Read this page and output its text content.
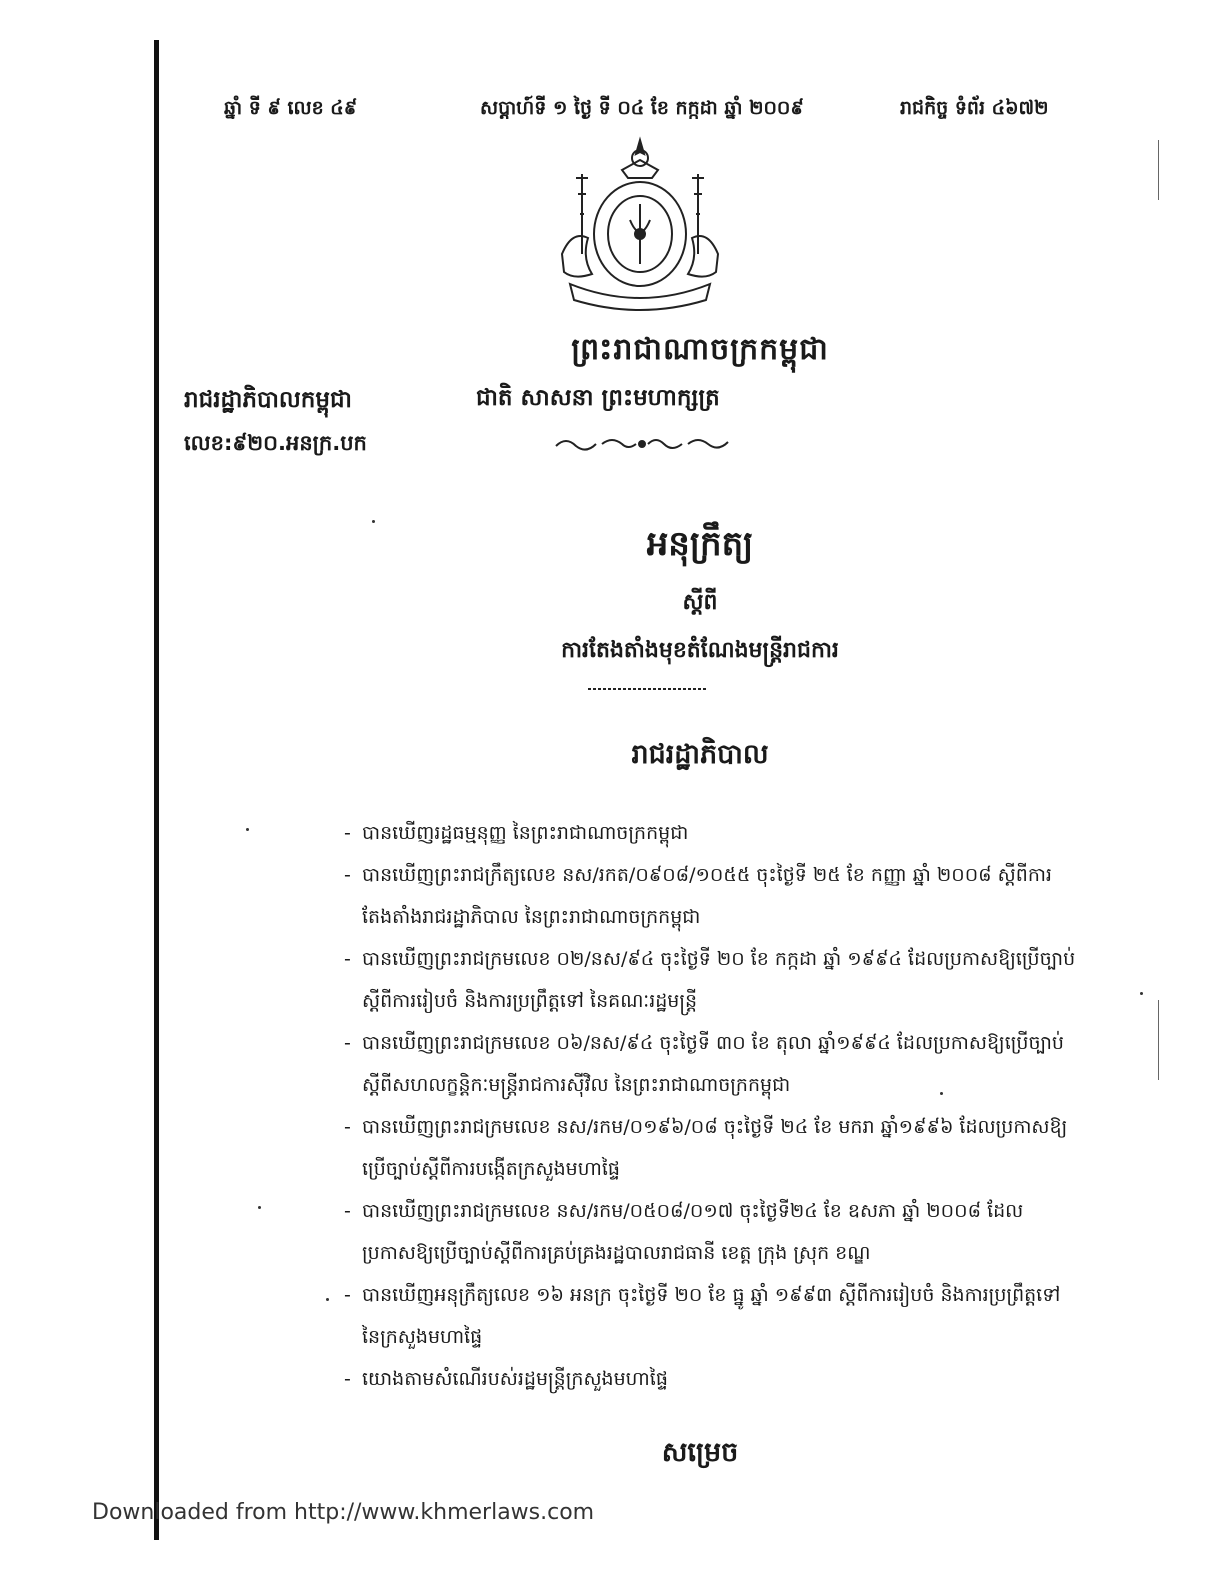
ឆ្នាំ ទី ៩ លេខ ៤៩	សប្តាហ៍ទី ១ ថ្ងៃ ទី ០៤ ខែ កក្កដា ឆ្នាំ ២០០៩	រាជកិច្ច ទំព័រ ៤៦៧២
ព្រះរាជាណាចក្រកម្ពុជា
ជាតិ សាសនា ព្រះមហាក្សត្រ
រាជរដ្ឋាភិបាលកម្ពុជា
លេខ:៩២០.អនក្រ.បក
អនុក្រឹត្យ
ស្តីពី
ការតែងតាំងមុខតំណែងមន្ត្រីរាជការ
រាជរដ្ឋាភិបាល
- បានឃើញរដ្ឋធម្មនុញ្ញ នៃព្រះរាជាណាចក្រកម្ពុជា
- បានឃើញព្រះរាជក្រឹត្យលេខ នស/រកត/០៩០៨/១០៥៥ ចុះថ្ងៃទី ២៥ ខែ កញ្ញា ឆ្នាំ ២០០៨ ស្តីពីការតែងតាំងរាជរដ្ឋាភិបាល នៃព្រះរាជាណាចក្រកម្ពុជា
- បានឃើញព្រះរាជក្រមលេខ ០២/នស/៩៤ ចុះថ្ងៃទី ២០ ខែ កក្កដា ឆ្នាំ ១៩៩៤ ដែលប្រកាសឱ្យប្រើច្បាប់ស្តីពីការរៀបចំ និងការប្រព្រឹត្តទៅ នៃគណៈរដ្ឋមន្ត្រី
- បានឃើញព្រះរាជក្រមលេខ ០៦/នស/៩៤ ចុះថ្ងៃទី ៣០ ខែ តុលា ឆ្នាំ១៩៩៤ ដែលប្រកាសឱ្យប្រើច្បាប់ស្តីពីសហលក្ខន្តិកៈមន្ត្រីរាជការស៊ីវិល នៃព្រះរាជាណាចក្រកម្ពុជា
- បានឃើញព្រះរាជក្រមលេខ នស/រកម/០១៩៦/០៨ ចុះថ្ងៃទី ២៤ ខែ មករា ឆ្នាំ១៩៩៦ ដែលប្រកាសឱ្យប្រើច្បាប់ស្តីពីការបង្កើតក្រសួងមហាផ្ទៃ
- បានឃើញព្រះរាជក្រមលេខ នស/រកម/០៥០៨/០១៧ ចុះថ្ងៃទី២៤ ខែ ឧសភា ឆ្នាំ ២០០៨ ដែលប្រកាសឱ្យប្រើច្បាប់ស្តីពីការគ្រប់គ្រងរដ្ឋបាលរាជធានី ខេត្ត ក្រុង ស្រុក ខណ្ឌ
- បានឃើញអនុក្រឹត្យលេខ ១៦ អនក្រ ចុះថ្ងៃទី ២០ ខែ ធ្នូ ឆ្នាំ ១៩៩៣ ស្តីពីការរៀបចំ និងការប្រព្រឹត្តទៅ នៃក្រសួងមហាផ្ទៃ
- យោងតាមសំណើរបស់រដ្ឋមន្ត្រីក្រសួងមហាផ្ទៃ
សម្រេច
Downloaded from http://www.khmerlaws.com
